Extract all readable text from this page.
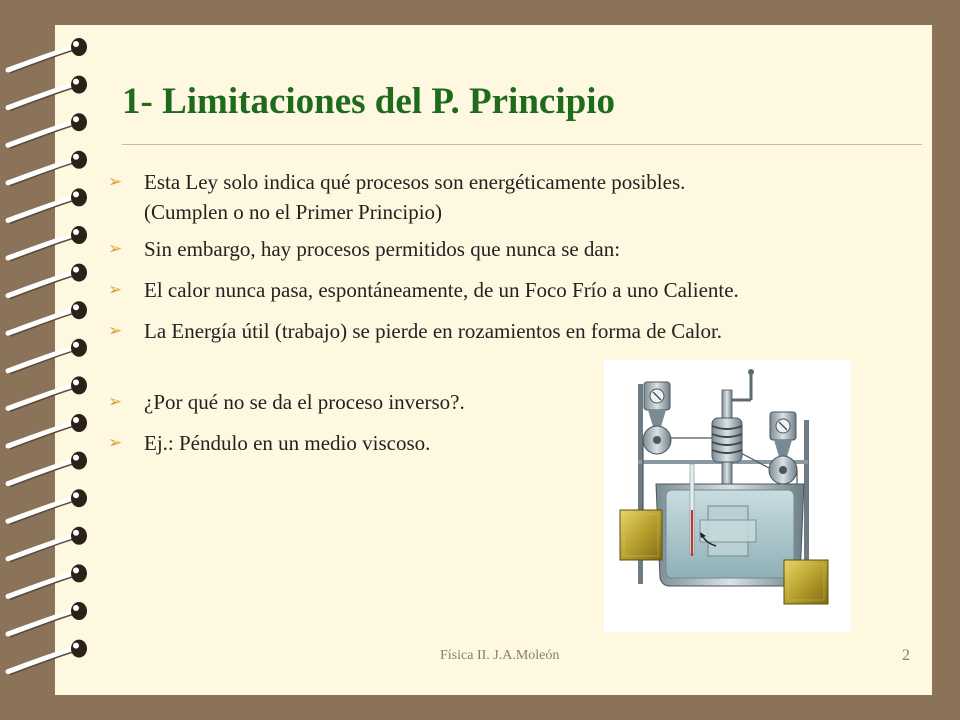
1- Limitaciones del P. Principio
➢ Esta Ley solo indica qué procesos son energéticamente posibles.
(Cumplen o no el Primer Principio)
➢ Sin embargo, hay procesos permitidos que nunca se dan:
➢ El calor nunca pasa, espontáneamente, de un Foco Frío a uno Caliente.
➢ La Energía útil (trabajo) se pierde en rozamientos en forma de Calor.
➢ ¿Por qué no se da el proceso inverso?.
➢ Ej.: Péndulo en un medio viscoso.
Física II. J.A.Moleón	2
